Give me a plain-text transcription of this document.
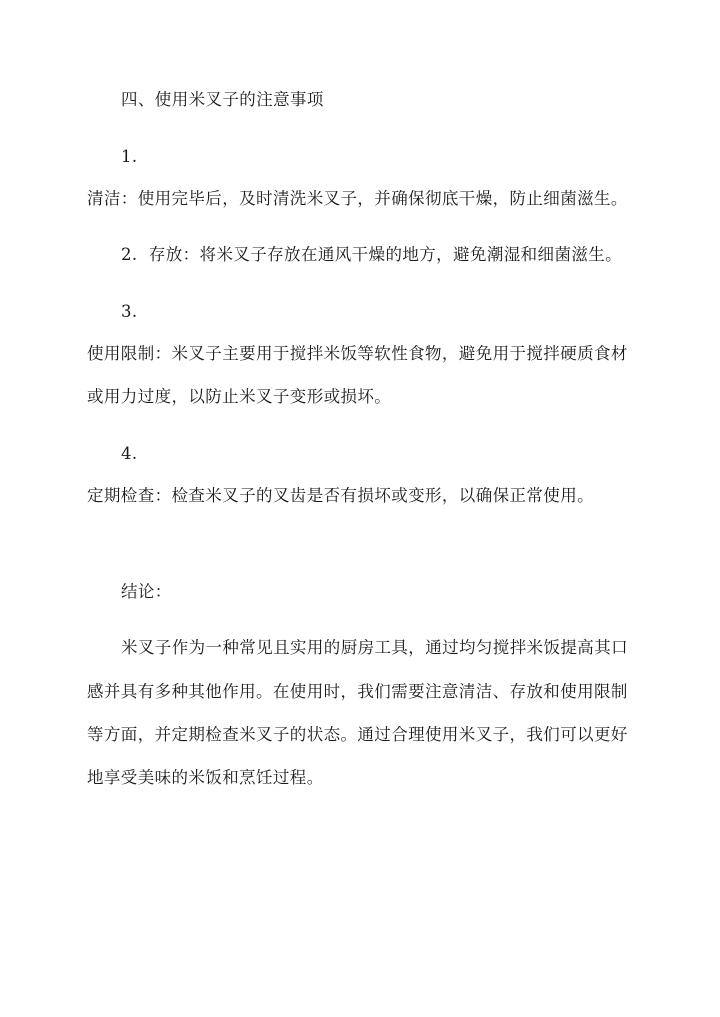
四、使用米叉子的注意事项
1.
清洁：使用完毕后，及时清洗米叉子，并确保彻底干燥，防止细菌滋生。
2. 存放：将米叉子存放在通风干燥的地方，避免潮湿和细菌滋生。
3.
使用限制：米叉子主要用于搅拌米饭等软性食物，避免用于搅拌硬质食材
或用力过度，以防止米叉子变形或损坏。
4.
定期检查：检查米叉子的叉齿是否有损坏或变形，以确保正常使用。
结论：
米叉子作为一种常见且实用的厨房工具，通过均匀搅拌米饭提高其口
感并具有多种其他作用。在使用时，我们需要注意清洁、存放和使用限制
等方面，并定期检查米叉子的状态。通过合理使用米叉子，我们可以更好
地享受美味的米饭和烹饪过程。
